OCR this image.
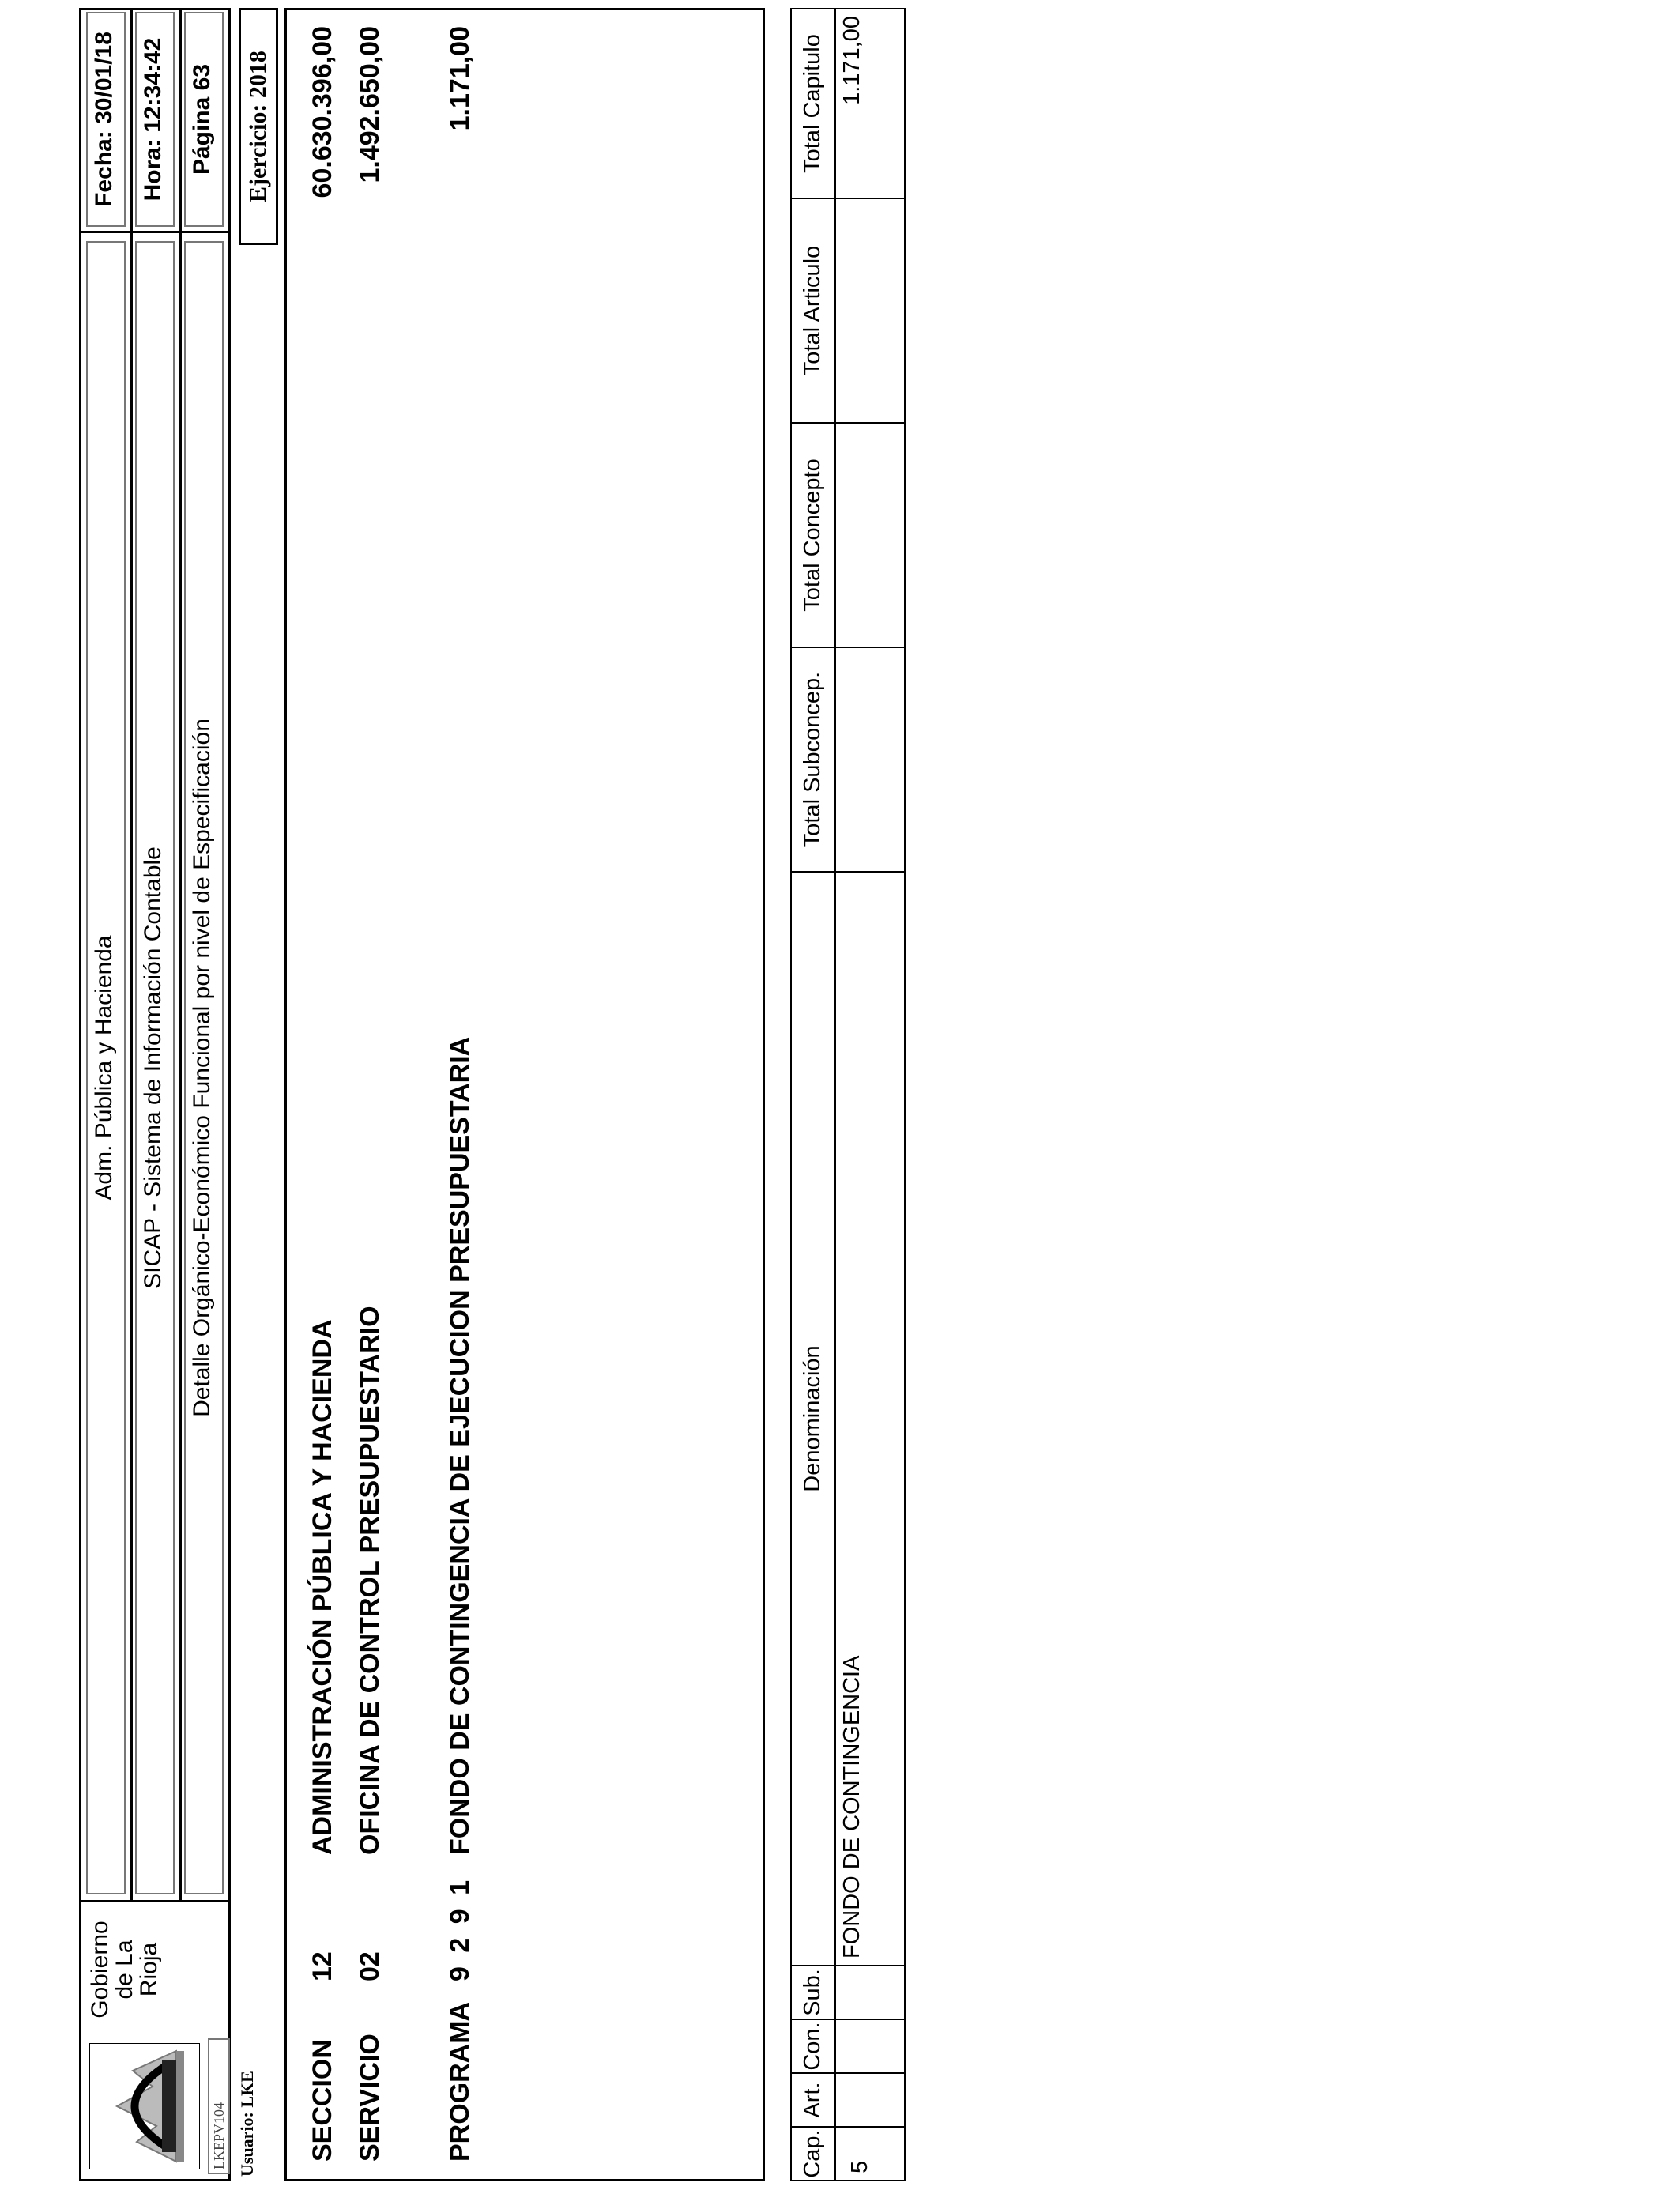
LKEPV104
Gobierno
de La
Rioja
Adm. Pública y Hacienda SICAP - Sistema de Información Contable Detalle Orgánico-Económico Funcional por nivel de Especificación
Fecha: 30/01/18 Hora: 12:34:42 Página 63
Usuario: LKE
Ejercicio: 2018
SECCION
12
ADMINISTRACIÓN PÚBLICA Y HACIENDA
60.630.396,00
SERVICIO
02
OFICINA DE CONTROL PRESUPUESTARIO
1.492.650,00
PROGRAMA
9 2 9 1
FONDO DE CONTINGENCIA DE EJECUCION PRESUPUESTARIA
1.171,00
Cap.
Art.
Con.
Sub.
Denominación
Total Subconcep.
Total Concepto
Total Articulo
Total Capitulo
5
FONDO DE CONTINGENCIA
1.171,00
